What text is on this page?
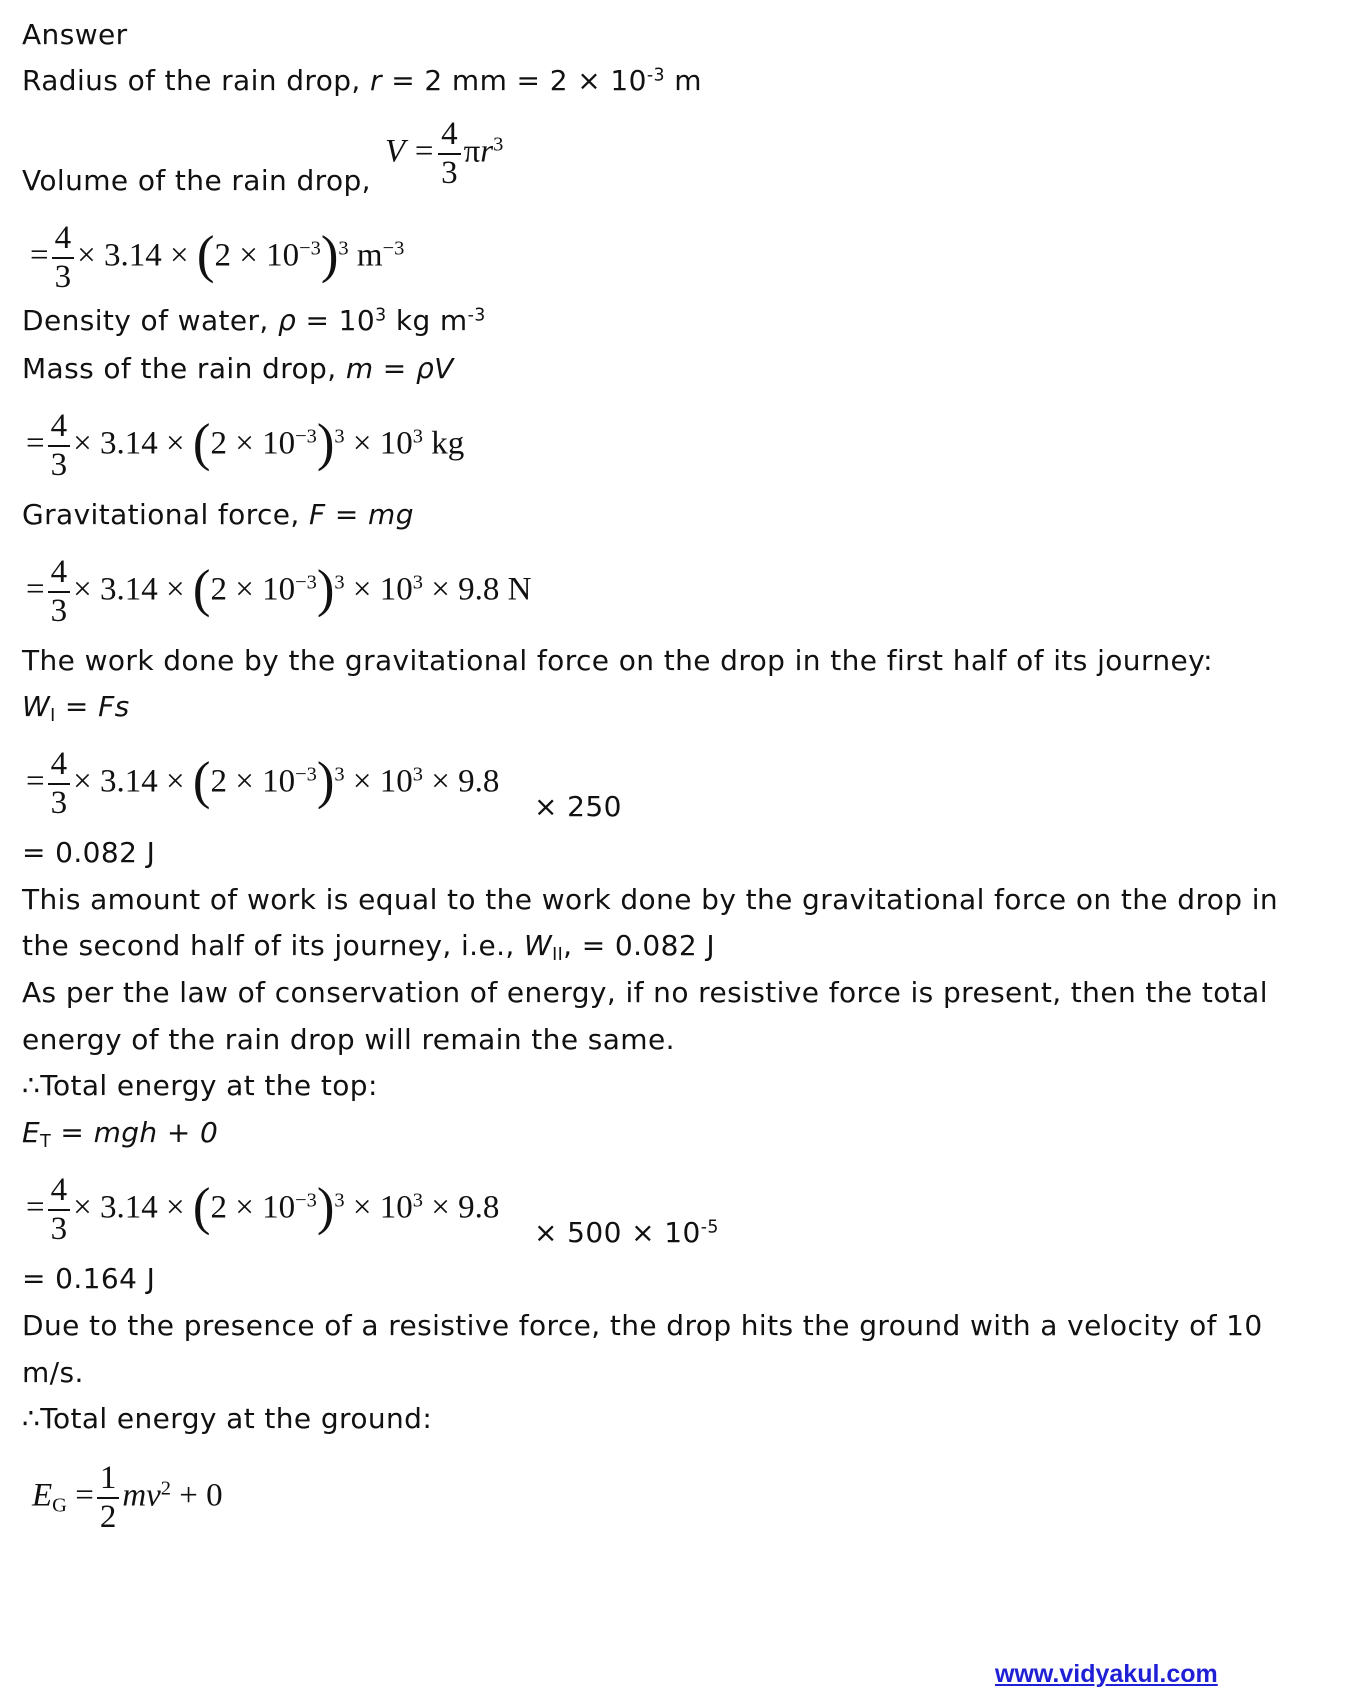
Answer
Radius of the rain drop, r = 2 mm = $2 \times 10^{-3}$ m
Volume of the rain drop,
$V = \frac{4}{3} \pi r^3$
= $\frac{4}{3} \times 3.14 \times (2 \times 10^{-3})^3$ $m^{-3}$
Density of water, $\rho = 10^3$ kg $m^{-3}$
Mass of the rain drop, m = ρV
= $\frac{4}{3} \times 3.14 \times (2 \times 10^{-3})^3 \times 10^3$ kg
Gravitational force, F = mg
= $\frac{4}{3} \times 3.14 \times (2 \times 10^{-3})^3 \times 10^3 \times 9.8$ N
The work done by the gravitational force on the drop in the first half of its journey:
$W_I = Fs$
= $\frac{4}{3} \times 3.14 \times (2 \times 10^{-3})^3 \times 10^3 \times 9.8$
× 250
= 0.082 J
This amount of work is equal to the work done by the gravitational force on the drop in
the second half of its journey, i.e., $W_{II}$, = 0.082 J
As per the law of conservation of energy, if no resistive force is present, then the total
energy of the rain drop will remain the same.
∴Total energy at the top:
$E_T$ = mgh + 0
= $\frac{4}{3} \times 3.14 \times (2 \times 10^{-3})^3 \times 10^3 \times 9.8$
× $500 \times 10^{-5}$
= 0.164 J
Due to the presence of a resistive force, the drop hits the ground with a velocity of 10
m/s.
∴Total energy at the ground:
$E_G = \frac{1}{2} mv^2 + 0$
www.vidyakul.com
